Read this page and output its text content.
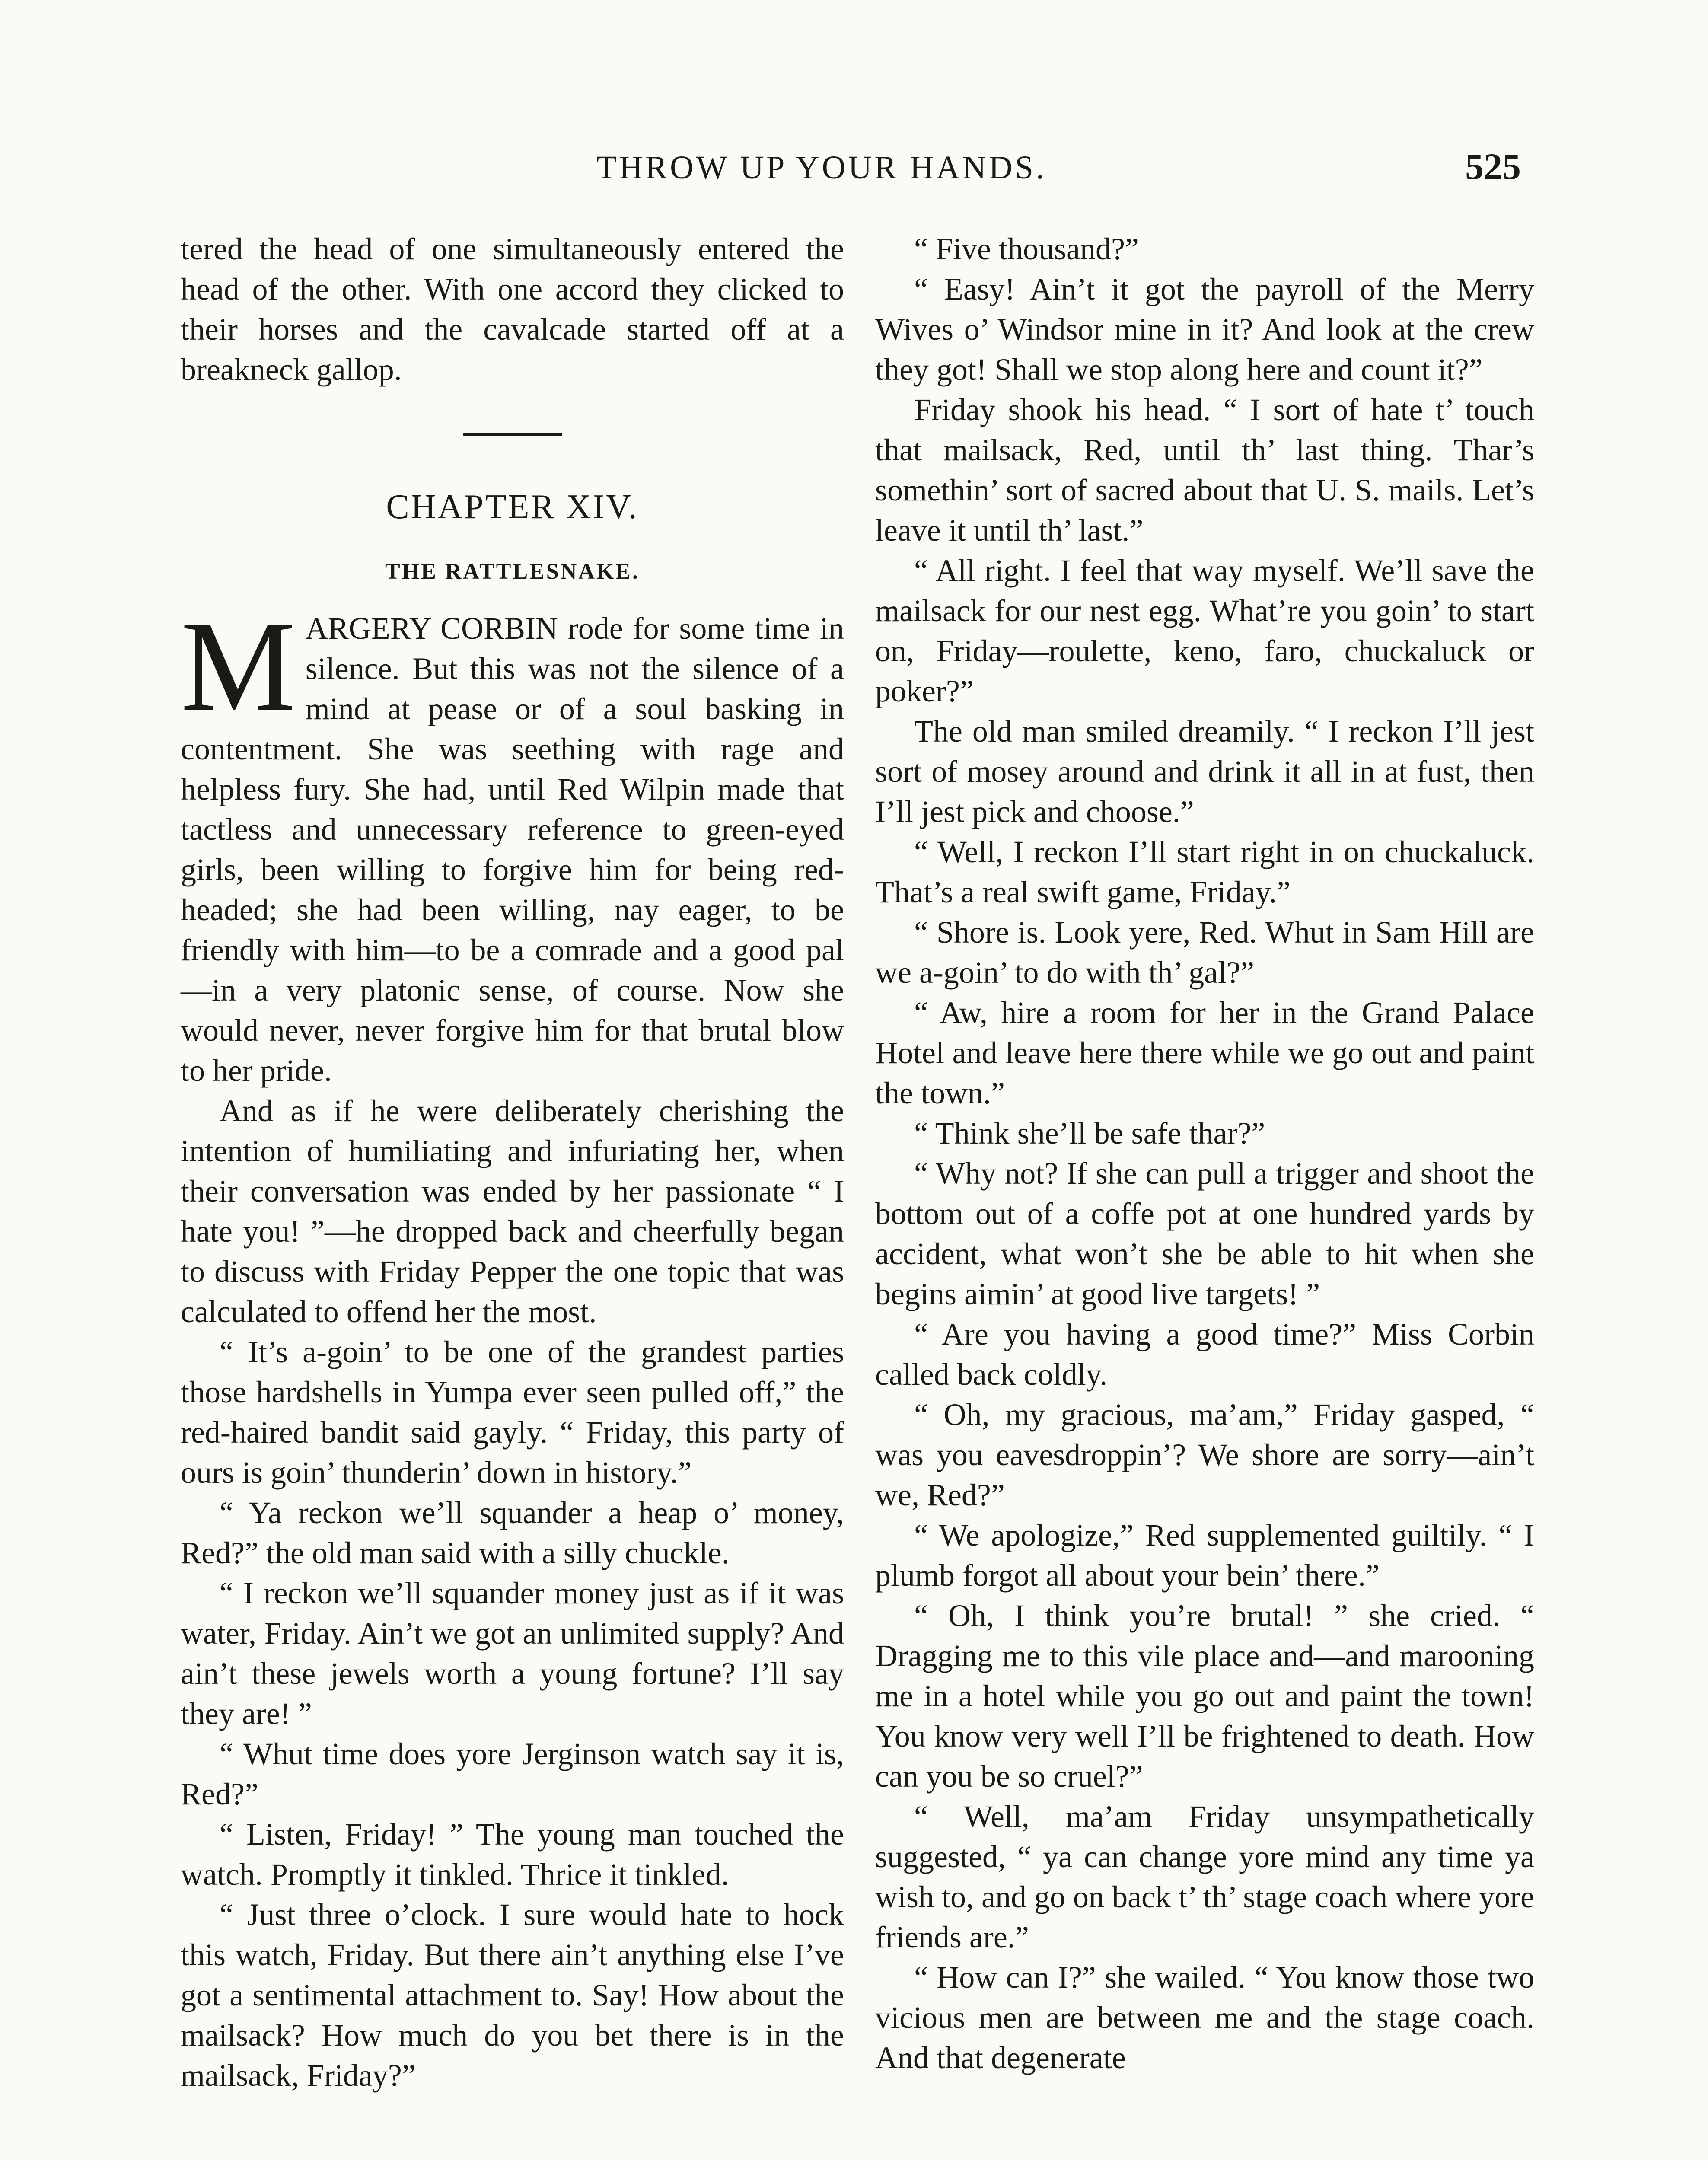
THROW UP YOUR HANDS.	525

tered the head of one simultaneously entered the head of the other. With one accord they clicked to their horses and the cavalcade started off at a breakneck gallop.

CHAPTER XIV.
THE RATTLESNAKE.

MARGERY CORBIN rode for some time in silence. But this was not the silence of a mind at pease or of a soul basking in contentment. She was seething with rage and helpless fury. She had, until Red Wilpin made that tactless and unnecessary reference to green-eyed girls, been willing to forgive him for being red-headed; she had been willing, nay eager, to be friendly with him—to be a comrade and a good pal—in a very platonic sense, of course. Now she would never, never forgive him for that brutal blow to her pride.

And as if he were deliberately cherishing the intention of humiliating and infuriating her, when their conversation was ended by her passionate “ I hate you! ”—he dropped back and cheerfully began to discuss with Friday Pepper the one topic that was calculated to offend her the most.

“ It’s a-goin’ to be one of the grandest parties those hardshells in Yumpa ever seen pulled off,” the red-haired bandit said gayly. “ Friday, this party of ours is goin’ thunderin’ down in history.”

“ Ya reckon we’ll squander a heap o’ money, Red?” the old man said with a silly chuckle.

“ I reckon we’ll squander money just as if it was water, Friday. Ain’t we got an unlimited supply? And ain’t these jewels worth a young fortune? I’ll say they are! ”

“ Whut time does yore Jerginson watch say it is, Red?”

“ Listen, Friday! ” The young man touched the watch. Promptly it tinkled. Thrice it tinkled.

“ Just three o’clock. I sure would hate to hock this watch, Friday. But there ain’t anything else I’ve got a sentimental attachment to. Say! How about the mailsack? How much do you bet there is in the mailsack, Friday?”

“ Five thousand?”

“ Easy! Ain’t it got the payroll of the Merry Wives o’ Windsor mine in it? And look at the crew they got! Shall we stop along here and count it?”

Friday shook his head. “ I sort of hate t’ touch that mailsack, Red, until th’ last thing. Thar’s somethin’ sort of sacred about that U. S. mails. Let’s leave it until th’ last.”

“ All right. I feel that way myself. We’ll save the mailsack for our nest egg. What’re you goin’ to start on, Friday—roulette, keno, faro, chuckaluck or poker?”

The old man smiled dreamily. “ I reckon I’ll jest sort of mosey around and drink it all in at fust, then I’ll jest pick and choose.”

“ Well, I reckon I’ll start right in on chuckaluck. That’s a real swift game, Friday.”

“ Shore is. Look yere, Red. Whut in Sam Hill are we a-goin’ to do with th’ gal?”

“ Aw, hire a room for her in the Grand Palace Hotel and leave here there while we go out and paint the town.”

“ Think she’ll be safe thar?”

“ Why not? If she can pull a trigger and shoot the bottom out of a coffe pot at one hundred yards by accident, what won’t she be able to hit when she begins aimin’ at good live targets! ”

“ Are you having a good time?” Miss Corbin called back coldly.

“ Oh, my gracious, ma’am,” Friday gasped, “ was you eavesdroppin’? We shore are sorry—ain’t we, Red?”

“ We apologize,” Red supplemented guiltily. “ I plumb forgot all about your bein’ there.”

“ Oh, I think you’re brutal! ” she cried. “ Dragging me to this vile place and—and marooning me in a hotel while you go out and paint the town! You know very well I’ll be frightened to death. How can you be so cruel?”

“ Well, ma’am Friday unsympathetically suggested, “ ya can change yore mind any time ya wish to, and go on back t’ th’ stage coach where yore friends are.”

“ How can I?” she wailed. “ You know those two vicious men are between me and the stage coach. And that degenerate
